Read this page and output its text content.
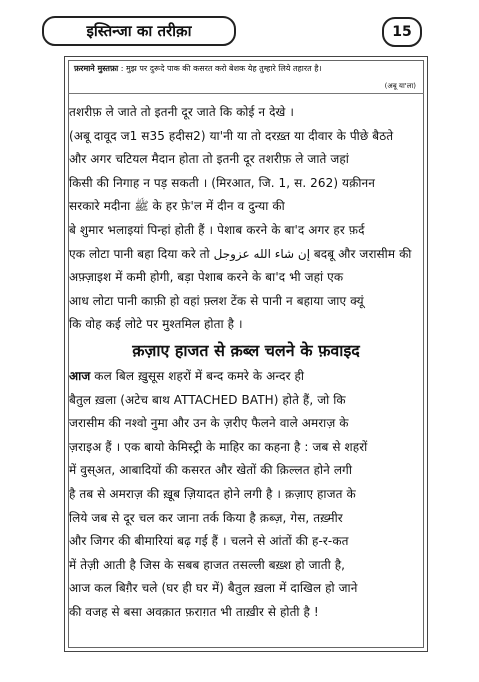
इस्तिन्जा का तरीक़ा	15
फ़रमाने मुस्तफ़ा : मुझ पर दुरूदे पाक की कसरत करो बेशक येह तुम्हारे लिये तहारत है।
(अबू या'ला)
तशरीफ़ ले जाते तो इतनी दूर जाते कि कोई न देखे ।
(अबू दावूद ज1 स35 हदीस2) या'नी या तो दरख़्त या दीवार के पीछे बैठते
और अगर चटियल मैदान होता तो इतनी दूर तशरीफ़ ले जाते जहां
किसी की निगाह न पड़ सकती । (मिरआत, जि. 1, स. 262) यक़ीनन
सरकारे मदीना ﷺ के हर फ़े'ल में दीन व दुन्या की
बे शुमार भलाइयां पिन्हां होती हैं । पेशाब करने के बा'द अगर हर फ़र्द
एक लोटा पानी बहा दिया करे तो إن شاء الله عزوجل बदबू और जरासीम की
अफ़्ज़ाइश में कमी होगी, बड़ा पेशाब करने के बा'द भी जहां एक
आध लोटा पानी काफ़ी हो वहां फ़्लश टेंक से पानी न बहाया जाए क्यूं
कि वोह कई लोटे पर मुश्तमिल होता है ।
क़ज़ाए हाजत से क़ब्ल चलने के फ़वाइद
आज कल बिल ख़ुसूस शहरों में बन्द कमरे के अन्दर ही
बैतुल ख़ला (अटेच बाथ ATTACHED BATH) होते हैं, जो कि
जरासीम की नश्वो नुमा और उन के ज़रीए फैलने वाले अमराज़ के
ज़राइअ हैं । एक बायो केमिस्ट्री के माहिर का कहना है : जब से शहरों
में वुस्अत, आबादियों की कसरत और खेतों की क़िल्लत होने लगी
है तब से अमराज़ की ख़ूब ज़ियादत होने लगी है । क़ज़ाए हाजत के
लिये जब से दूर चल कर जाना तर्क किया है क़ब्ज़, गेस, तख़्मीर
और जिगर की बीमारियां बढ़ गई हैं । चलने से आंतों की ह-र-कत
में तेज़ी आती है जिस के सबब हाजत तसल्ली बख़्श हो जाती है,
आज कल बिग़ैर चले (घर ही घर में) बैतुल ख़ला में दाखिल हो जाने
की वजह से बसा अवक़ात फ़राग़त भी ताख़ीर से होती है !
